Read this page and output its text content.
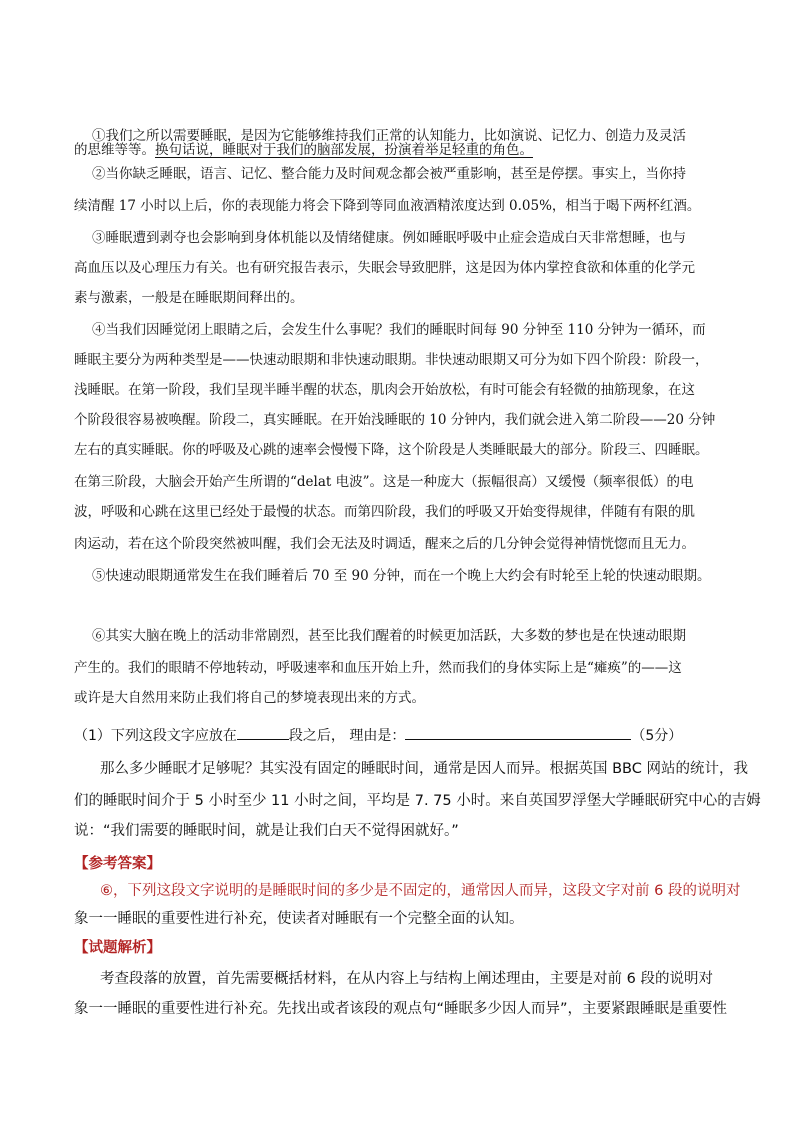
①我们之所以需要睡眠，是因为它能够维持我们正常的认知能力，比如演说、记忆力、创造力及灵活

的思维等等。换句话说，睡眠对于我们的脑部发展，扮演着举足轻重的角色。

②当你缺乏睡眠，语言、记忆、整合能力及时间观念都会被严重影响，甚至是停摆。事实上，当你持

续清醒 17 小时以上后，你的表现能力将会下降到等同血液酒精浓度达到 0.05%，相当于喝下两杯红酒。

③睡眠遭到剥夺也会影响到身体机能以及情绪健康。例如睡眠呼吸中止症会造成白天非常想睡，也与

高血压以及心理压力有关。也有研究报告表示，失眠会导致肥胖，这是因为体内掌控食欲和体重的化学元

素与激素，一般是在睡眠期间释出的。

④当我们因睡觉闭上眼睛之后，会发生什么事呢？我们的睡眠时间每 90 分钟至 110 分钟为一循环，而

睡眠主要分为两种类型是——快速动眼期和非快速动眼期。非快速动眼期又可分为如下四个阶段：阶段一，

浅睡眠。在第一阶段，我们呈现半睡半醒的状态，肌肉会开始放松，有时可能会有轻微的抽筋现象，在这

个阶段很容易被唤醒。阶段二，真实睡眠。在开始浅睡眠的 10 分钟内，我们就会进入第二阶段——20 分钟

左右的真实睡眠。你的呼吸及心跳的速率会慢慢下降，这个阶段是人类睡眠最大的部分。阶段三、四睡眠。

在第三阶段，大脑会开始产生所谓的“delat 电波”。这是一种庞大（振幅很高）又缓慢（频率很低）的电

波，呼吸和心跳在这里已经处于最慢的状态。而第四阶段，我们的呼吸又开始变得规律，伴随有有限的肌

肉运动，若在这个阶段突然被叫醒，我们会无法及时调适，醒来之后的几分钟会觉得神情恍惚而且无力。

⑤快速动眼期通常发生在我们睡着后 70 至 90 分钟，而在一个晚上大约会有时轮至上轮的快速动眼期。

⑥其实大脑在晚上的活动非常剧烈，甚至比我们醒着的时候更加活跃，大多数的梦也是在快速动眼期

产生的。我们的眼睛不停地转动，呼吸速率和血压开始上升，然而我们的身体实际上是“瘫痪”的——这

或许是大自然用来防止我们将自己的梦境表现出来的方式。

（1）下列这段文字应放在	段之后， 理由是：	（5分）

那么多少睡眠才足够呢？其实没有固定的睡眠时间，通常是因人而异。根据英国 BBC 网站的统计，我

们的睡眠时间介于 5 小时至少 11 小时之间，平均是 7. 75 小时。来自英国罗浮堡大学睡眠研究中心的吉姆

说：“我们需要的睡眠时间，就是让我们白天不觉得困就好。”

【参考答案】

⑥，下列这段文字说明的是睡眠时间的多少是不固定的，通常因人而异，这段文字对前 6 段的说明对

象一一睡眠的重要性进行补充，使读者对睡眠有一个完整全面的认知。

【试题解析】

考查段落的放置，首先需要概括材料，在从内容上与结构上阐述理由，主要是对前 6 段的说明对

象一一睡眠的重要性进行补充。先找出或者该段的观点句“睡眠多少因人而异”，主要紧跟睡眠是重要性
